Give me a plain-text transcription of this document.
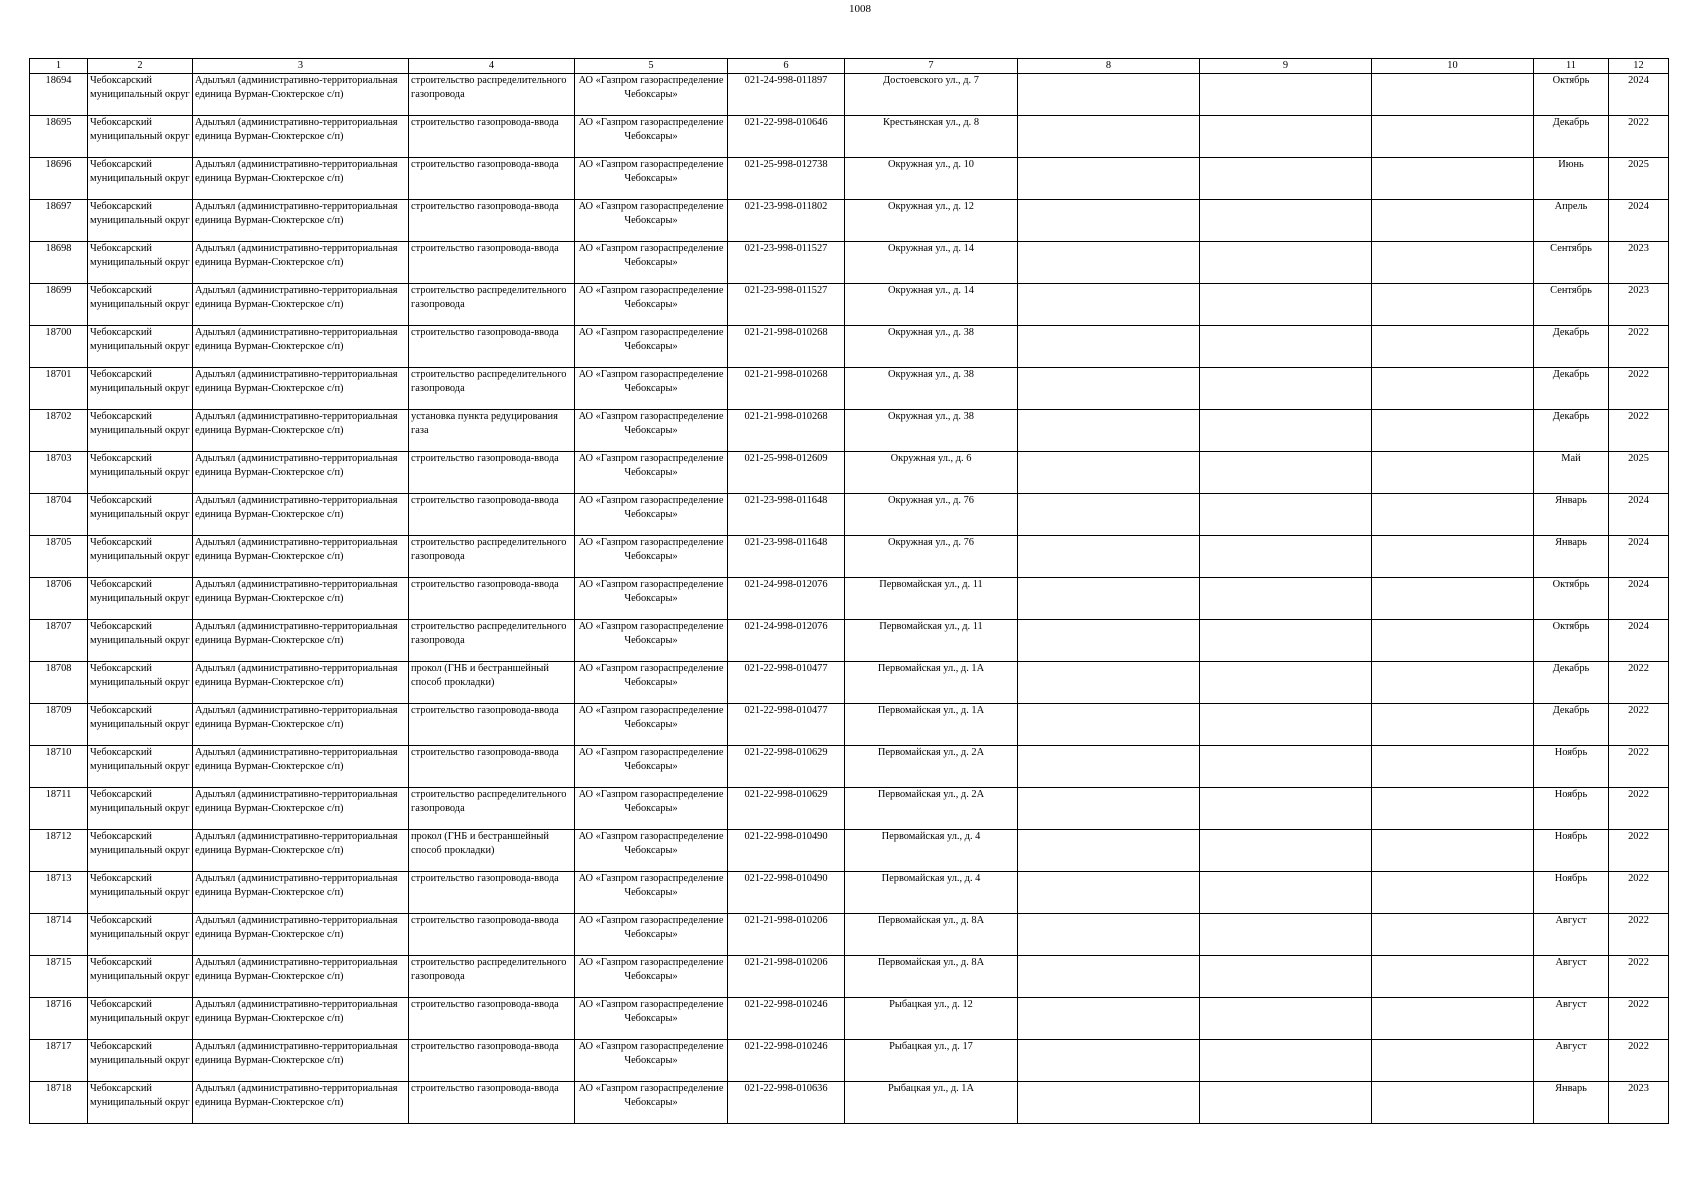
1008
1	2	3	4	5	6	7	8	9	10	11	12

18694	Чебоксарский муниципальный округ	Адылъял (административно-территориальная единица Вурман-Сюктерское с/п)	строительство распределительного газопровода	АО «Газпром газораспределение Чебоксары»	021-24-998-011897	Достоевского ул., д. 7				Октябрь	2024

18695	Чебоксарский муниципальный округ	Адылъял (административно-территориальная единица Вурман-Сюктерское с/п)	строительство газопровода-ввода	АО «Газпром газораспределение Чебоксары»	021-22-998-010646	Крестьянская ул., д. 8				Декабрь	2022

18696	Чебоксарский муниципальный округ	Адылъял (административно-территориальная единица Вурман-Сюктерское с/п)	строительство газопровода-ввода	АО «Газпром газораспределение Чебоксары»	021-25-998-012738	Окружная ул., д. 10				Июнь	2025

18697	Чебоксарский муниципальный округ	Адылъял (административно-территориальная единица Вурман-Сюктерское с/п)	строительство газопровода-ввода	АО «Газпром газораспределение Чебоксары»	021-23-998-011802	Окружная ул., д. 12				Апрель	2024

18698	Чебоксарский муниципальный округ	Адылъял (административно-территориальная единица Вурман-Сюктерское с/п)	строительство газопровода-ввода	АО «Газпром газораспределение Чебоксары»	021-23-998-011527	Окружная ул., д. 14				Сентябрь	2023

18699	Чебоксарский муниципальный округ	Адылъял (административно-территориальная единица Вурман-Сюктерское с/п)	строительство распределительного газопровода	АО «Газпром газораспределение Чебоксары»	021-23-998-011527	Окружная ул., д. 14				Сентябрь	2023

18700	Чебоксарский муниципальный округ	Адылъял (административно-территориальная единица Вурман-Сюктерское с/п)	строительство газопровода-ввода	АО «Газпром газораспределение Чебоксары»	021-21-998-010268	Окружная ул., д. 38				Декабрь	2022

18701	Чебоксарский муниципальный округ	Адылъял (административно-территориальная единица Вурман-Сюктерское с/п)	строительство распределительного газопровода	АО «Газпром газораспределение Чебоксары»	021-21-998-010268	Окружная ул., д. 38				Декабрь	2022

18702	Чебоксарский муниципальный округ	Адылъял (административно-территориальная единица Вурман-Сюктерское с/п)	установка пункта редуцирования газа	АО «Газпром газораспределение Чебоксары»	021-21-998-010268	Окружная ул., д. 38				Декабрь	2022

18703	Чебоксарский муниципальный округ	Адылъял (административно-территориальная единица Вурман-Сюктерское с/п)	строительство газопровода-ввода	АО «Газпром газораспределение Чебоксары»	021-25-998-012609	Окружная ул., д. 6				Май	2025

18704	Чебоксарский муниципальный округ	Адылъял (административно-территориальная единица Вурман-Сюктерское с/п)	строительство газопровода-ввода	АО «Газпром газораспределение Чебоксары»	021-23-998-011648	Окружная ул., д. 76				Январь	2024

18705	Чебоксарский муниципальный округ	Адылъял (административно-территориальная единица Вурман-Сюктерское с/п)	строительство распределительного газопровода	АО «Газпром газораспределение Чебоксары»	021-23-998-011648	Окружная ул., д. 76				Январь	2024

18706	Чебоксарский муниципальный округ	Адылъял (административно-территориальная единица Вурман-Сюктерское с/п)	строительство газопровода-ввода	АО «Газпром газораспределение Чебоксары»	021-24-998-012076	Первомайская ул., д. 11				Октябрь	2024

18707	Чебоксарский муниципальный округ	Адылъял (административно-территориальная единица Вурман-Сюктерское с/п)	строительство распределительного газопровода	АО «Газпром газораспределение Чебоксары»	021-24-998-012076	Первомайская ул., д. 11				Октябрь	2024

18708	Чебоксарский муниципальный округ	Адылъял (административно-территориальная единица Вурман-Сюктерское с/п)	прокол (ГНБ и бестраншейный способ прокладки)	АО «Газпром газораспределение Чебоксары»	021-22-998-010477	Первомайская ул., д. 1А				Декабрь	2022

18709	Чебоксарский муниципальный округ	Адылъял (административно-территориальная единица Вурман-Сюктерское с/п)	строительство газопровода-ввода	АО «Газпром газораспределение Чебоксары»	021-22-998-010477	Первомайская ул., д. 1А				Декабрь	2022

18710	Чебоксарский муниципальный округ	Адылъял (административно-территориальная единица Вурман-Сюктерское с/п)	строительство газопровода-ввода	АО «Газпром газораспределение Чебоксары»	021-22-998-010629	Первомайская ул., д. 2А				Ноябрь	2022

18711	Чебоксарский муниципальный округ	Адылъял (административно-территориальная единица Вурман-Сюктерское с/п)	строительство распределительного газопровода	АО «Газпром газораспределение Чебоксары»	021-22-998-010629	Первомайская ул., д. 2А				Ноябрь	2022

18712	Чебоксарский муниципальный округ	Адылъял (административно-территориальная единица Вурман-Сюктерское с/п)	прокол (ГНБ и бестраншейный способ прокладки)	АО «Газпром газораспределение Чебоксары»	021-22-998-010490	Первомайская ул., д. 4				Ноябрь	2022

18713	Чебоксарский муниципальный округ	Адылъял (административно-территориальная единица Вурман-Сюктерское с/п)	строительство газопровода-ввода	АО «Газпром газораспределение Чебоксары»	021-22-998-010490	Первомайская ул., д. 4				Ноябрь	2022

18714	Чебоксарский муниципальный округ	Адылъял (административно-территориальная единица Вурман-Сюктерское с/п)	строительство газопровода-ввода	АО «Газпром газораспределение Чебоксары»	021-21-998-010206	Первомайская ул., д. 8А				Август	2022

18715	Чебоксарский муниципальный округ	Адылъял (административно-территориальная единица Вурман-Сюктерское с/п)	строительство распределительного газопровода	АО «Газпром газораспределение Чебоксары»	021-21-998-010206	Первомайская ул., д. 8А				Август	2022

18716	Чебоксарский муниципальный округ	Адылъял (административно-территориальная единица Вурман-Сюктерское с/п)	строительство газопровода-ввода	АО «Газпром газораспределение Чебоксары»	021-22-998-010246	Рыбацкая ул., д. 12				Август	2022

18717	Чебоксарский муниципальный округ	Адылъял (административно-территориальная единица Вурман-Сюктерское с/п)	строительство газопровода-ввода	АО «Газпром газораспределение Чебоксары»	021-22-998-010246	Рыбацкая ул., д. 17				Август	2022

18718	Чебоксарский муниципальный округ	Адылъял (административно-территориальная единица Вурман-Сюктерское с/п)	строительство газопровода-ввода	АО «Газпром газораспределение Чебоксары»	021-22-998-010636	Рыбацкая ул., д. 1А				Январь	2023
